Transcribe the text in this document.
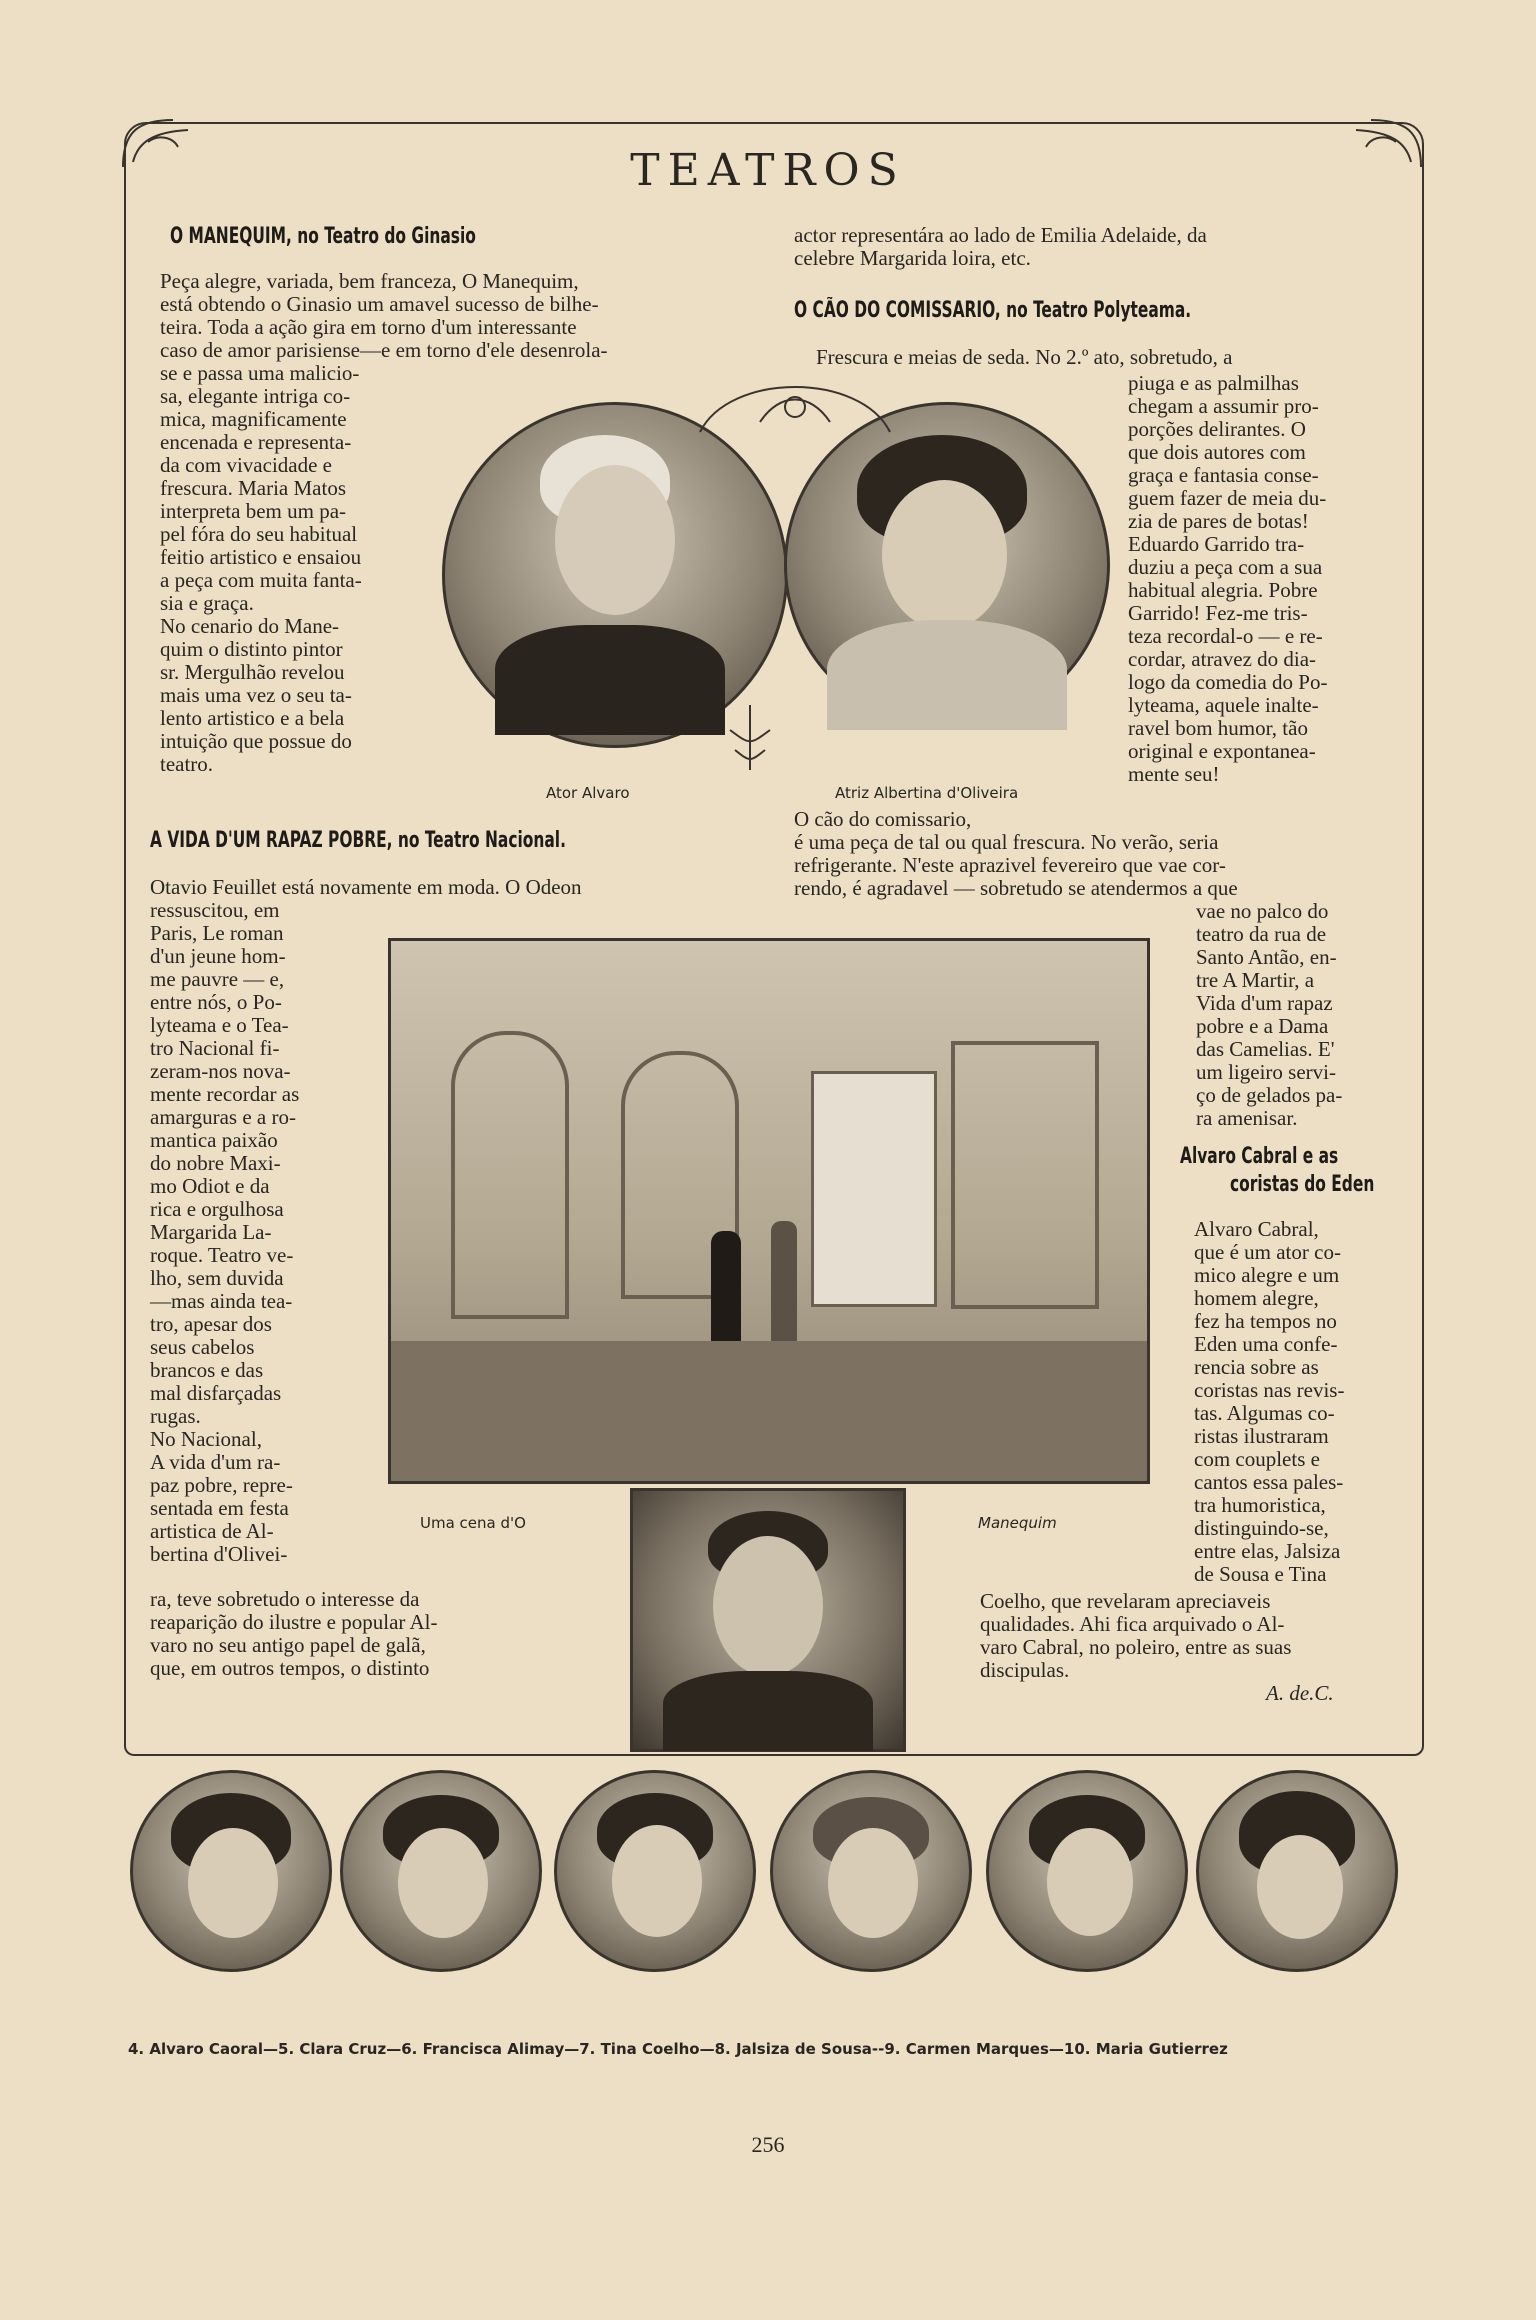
TEATROS
O MANEQUIM, no Teatro do Ginasio

Peça alegre, variada, bem franceza, O Manequim,

está obtendo o Ginasio um amavel sucesso de bilhe-

teira. Toda a ação gira em torno d'um interessante

caso de amor parisiense—e em torno d'ele desenrola-

se e passa uma malicio-

sa, elegante intriga co-

mica, magnificamente

encenada e representa-

da com vivacidade e

frescura. Maria Matos

interpreta bem um pa-

pel fóra do seu habitual

feitio artistico e ensaiou

a peça com muita fanta-

sia e graça.

No cenario do Mane-

quim o distinto pintor

sr. Mergulhão revelou

mais uma vez o seu ta-

lento artistico e a bela

intuição que possue do

teatro.

Ator Alvaro	Atriz Albertina d'Oliveira

actor representára ao lado de Emilia Adelaide, da

celebre Margarida loira, etc.

O CÃO DO COMISSARIO, no Teatro Polyteama.

Frescura e meias de seda. No 2.º ato, sobretudo, a

piuga e as palmilhas

chegam a assumir pro-

porções delirantes. O

que dois autores com

graça e fantasia conse-

guem fazer de meia du-

zia de pares de botas!

Eduardo Garrido tra-

duziu a peça com a sua

habitual alegria. Pobre

Garrido! Fez-me tris-

teza recordal-o — e re-

cordar, atravez do dia-

logo da comedia do Po-

lyteama, aquele inalte-

ravel bom humor, tão

original e expontanea-

mente seu!

O cão do comissario,

é uma peça de tal ou qual frescura. No verão, seria

refrigerante. N'este aprazivel fevereiro que vae cor-

rendo, é agradavel — sobretudo se atendermos a que

vae no palco do

teatro da rua de

Santo Antão, en-

tre A Martir, a

Vida d'um rapaz

pobre e a Dama

das Camelias. E'

um ligeiro servi-

ço de gelados pa-

ra amenisar.

A VIDA D'UM RAPAZ POBRE, no Teatro Nacional.

Otavio Feuillet está novamente em moda. O Odeon

ressuscitou, em

Paris, Le roman

d'un jeune hom-

me pauvre — e,

entre nós, o Po-

lyteama e o Tea-

tro Nacional fi-

zeram-nos nova-

mente recordar as

amarguras e a ro-

mantica paixão

do nobre Maxi-

mo Odiot e da

rica e orgulhosa

Margarida La-

roque. Teatro ve-

lho, sem duvida

—mas ainda tea-

tro, apesar dos

seus cabelos

brancos e das

mal disfarçadas

rugas.

No Nacional,

A vida d'um ra-

paz pobre, repre-

sentada em festa

artistica de Al-

bertina d'Olivei-

ra, teve sobretudo o interesse da

reaparição do ilustre e popular Al-

varo no seu antigo papel de galã,

que, em outros tempos, o distinto

Uma cena d'O	Manequim
Alvaro Cabral e as
coristas do Eden

Alvaro Cabral,

que é um ator co-

mico alegre e um

homem alegre,

fez ha tempos no

Eden uma confe-

rencia sobre as

coristas nas revis-

tas. Algumas co-

ristas ilustraram

com couplets e

cantos essa pales-

tra humoristica,

distinguindo-se,

entre elas, Jalsiza

de Sousa e Tina

Coelho, que revelaram apreciaveis

qualidades. Ahi fica arquivado o Al-

varo Cabral, no poleiro, entre as suas

discipulas.

A. de.C.
4. Alvaro Caoral—5. Clara Cruz—6. Francisca Alimay—7. Tina Coelho—8. Jalsiza de Sousa--9. Carmen Marques—10. Maria Gutierrez
256
